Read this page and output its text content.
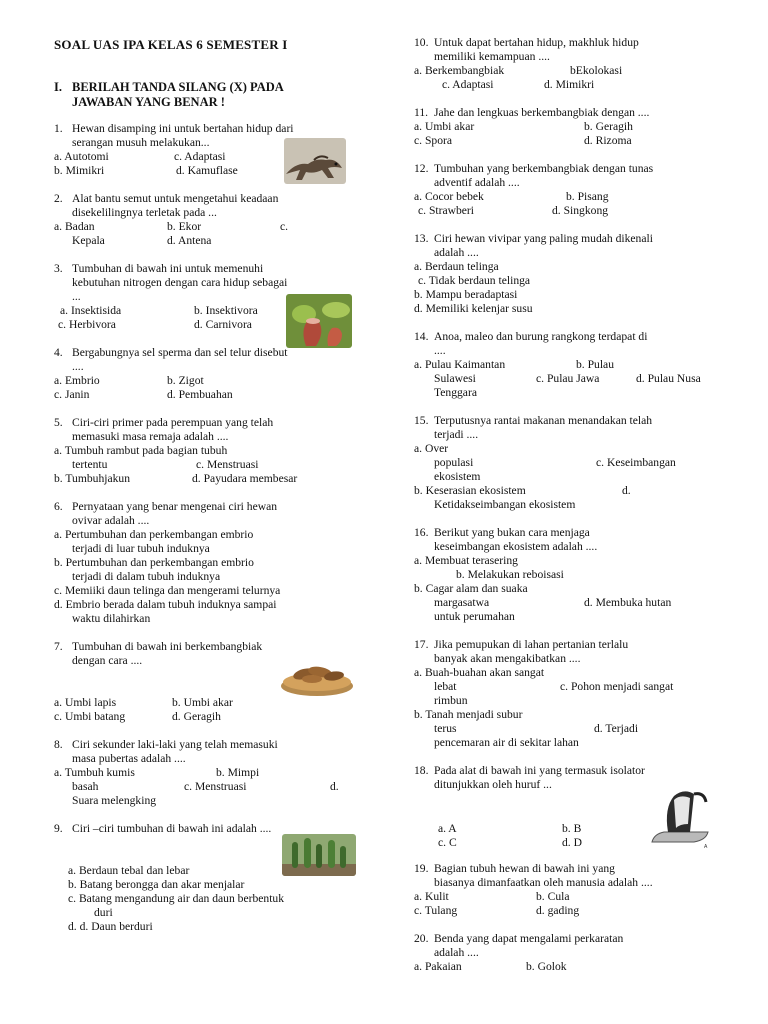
SOAL UAS IPA KELAS 6 SEMESTER I
I. BERILAH TANDA SILANG (X) PADA
JAWABAN YANG BENAR !
1. Hewan disamping ini untuk bertahan hidup dari
serangan musuh melakukan...
a. Autotomi	c. Adaptasi
b. Mimikri	d. Kamuflase
2. Alat bantu semut untuk mengetahui keadaan
disekelilingnya terletak pada ...
a. Badan	b. Ekor	c.
Kepala	d. Antena
3. Tumbuhan di bawah ini untuk memenuhi
kebutuhan nitrogen dengan cara hidup sebagai
...
a. Insektisida	b. Insektivora
c. Herbivora	d. Carnivora
4. Bergabungnya sel sperma dan sel telur disebut
....
a. Embrio	b. Zigot
c. Janin	d. Pembuahan
5. Ciri-ciri primer pada perempuan yang telah
memasuki masa remaja adalah ....
a. Tumbuh rambut pada bagian tubuh
tertentu	c. Menstruasi
b. Tumbuhjakun	d. Payudara membesar
6. Pernyataan yang benar mengenai ciri hewan
ovivar adalah ....
a. Pertumbuhan dan perkembangan embrio
terjadi di luar tubuh induknya
b. Pertumbuhan dan perkembangan embrio
terjadi di dalam tubuh induknya
c. Memiiki daun telinga dan mengerami telurnya
d. Embrio berada dalam tubuh induknya sampai
waktu dilahirkan
7. Tumbuhan di bawah ini berkembangbiak
dengan cara ....
a. Umbi lapis	b. Umbi akar
c. Umbi batang	d. Geragih
8. Ciri sekunder laki-laki yang telah memasuki
masa pubertas adalah ....
a. Tumbuh kumis	b. Mimpi
basah	c. Menstruasi	d.
Suara melengking
9. Ciri –ciri tumbuhan di bawah ini adalah ....
a. Berdaun tebal dan lebar
b. Batang berongga dan akar menjalar
c. Batang mengandung air dan daun berbentuk
duri
d. d. Daun berduri
10. Untuk dapat bertahan hidup, makhluk hidup
memiliki kemampuan ....
a. Berkembangbiak	bEkolokasi
c. Adaptasi	d. Mimikri
11. Jahe dan lengkuas berkembangbiak dengan ....
a. Umbi akar	b. Geragih
c. Spora	d. Rizoma
12. Tumbuhan yang berkembangbiak dengan tunas
adventif adalah ....
a. Cocor bebek	b. Pisang
c. Strawberi	d. Singkong
13. Ciri hewan vivipar yang paling mudah dikenali
adalah ....
a. Berdaun telinga
c. Tidak berdaun telinga
b. Mampu beradaptasi
d. Memiliki kelenjar susu
14. Anoa, maleo dan burung rangkong terdapat di
....
a. Pulau Kaimantan	b. Pulau
Sulawesi	c. Pulau Jawa	d. Pulau Nusa
Tenggara
15. Terputusnya rantai makanan menandakan telah
terjadi ....
a. Over
populasi	c. Keseimbangan
ekosistem
b. Keserasian ekosistem	d.
Ketidakseimbangan ekosistem
16. Berikut yang bukan cara menjaga
keseimbangan ekosistem adalah ....
a. Membuat terasering
b. Melakukan reboisasi
b. Cagar alam dan suaka
margasatwa	d. Membuka hutan
untuk perumahan
17. Jika pemupukan di lahan pertanian terlalu
banyak akan mengakibatkan ....
a. Buah-buahan akan sangat
lebat	c. Pohon menjadi sangat
rimbun
b. Tanah menjadi subur
terus	d. Terjadi
pencemaran air di sekitar lahan
18. Pada alat di bawah ini yang termasuk isolator
ditunjukkan oleh huruf ...
a. A	b. B
c. C	d. D	A
19. Bagian tubuh hewan di bawah ini yang
biasanya dimanfaatkan oleh manusia adalah ....
a. Kulit	b. Cula
c. Tulang	d. gading
20. Benda yang dapat mengalami perkaratan
adalah ....
a. Pakaian	b. Golok
